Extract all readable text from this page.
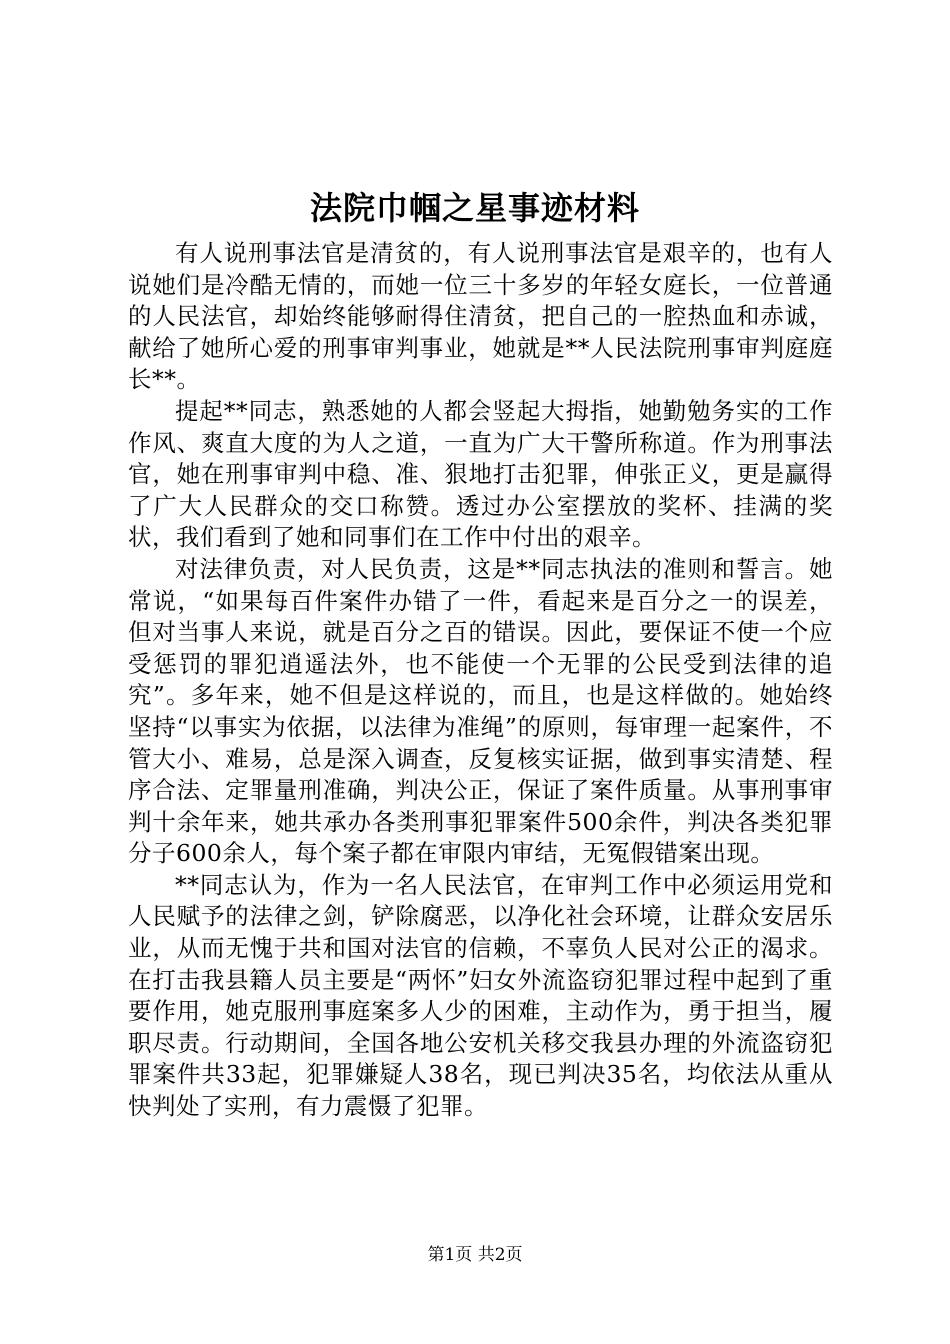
法院巾帼之星事迹材料

有人说刑事法官是清贫的，有人说刑事法官是艰辛的，也有人说她们是冷酷无情的，而她一位三十多岁的年轻女庭长，一位普通的人民法官，却始终能够耐得住清贫，把自己的一腔热血和赤诚，献给了她所心爱的刑事审判事业，她就是**人民法院刑事审判庭庭长**。

提起**同志，熟悉她的人都会竖起大拇指，她勤勉务实的工作作风、爽直大度的为人之道，一直为广大干警所称道。作为刑事法官，她在刑事审判中稳、准、狠地打击犯罪，伸张正义，更是赢得了广大人民群众的交口称赞。透过办公室摆放的奖杯、挂满的奖状，我们看到了她和同事们在工作中付出的艰辛。

对法律负责，对人民负责，这是**同志执法的准则和誓言。她常说，“如果每百件案件办错了一件，看起来是百分之一的误差，但对当事人来说，就是百分之百的错误。因此，要保证不使一个应受惩罚的罪犯逍遥法外，也不能使一个无罪的公民受到法律的追究”。多年来，她不但是这样说的，而且，也是这样做的。她始终坚持“以事实为依据，以法律为准绳”的原则，每审理一起案件，不管大小、难易，总是深入调查，反复核实证据，做到事实清楚、程序合法、定罪量刑准确，判决公正，保证了案件质量。从事刑事审判十余年来，她共承办各类刑事犯罪案件500余件，判决各类犯罪分子600余人，每个案子都在审限内审结，无冤假错案出现。

**同志认为，作为一名人民法官，在审判工作中必须运用党和人民赋予的法律之剑，铲除腐恶，以净化社会环境，让群众安居乐业，从而无愧于共和国对法官的信赖，不辜负人民对公正的渴求。在打击我县籍人员主要是“两怀”妇女外流盗窃犯罪过程中起到了重要作用，她克服刑事庭案多人少的困难，主动作为，勇于担当，履职尽责。行动期间，全国各地公安机关移交我县办理的外流盗窃犯罪案件共33起，犯罪嫌疑人38名，现已判决35名，均依法从重从快判处了实刑，有力震慑了犯罪。

第1页 共2页
